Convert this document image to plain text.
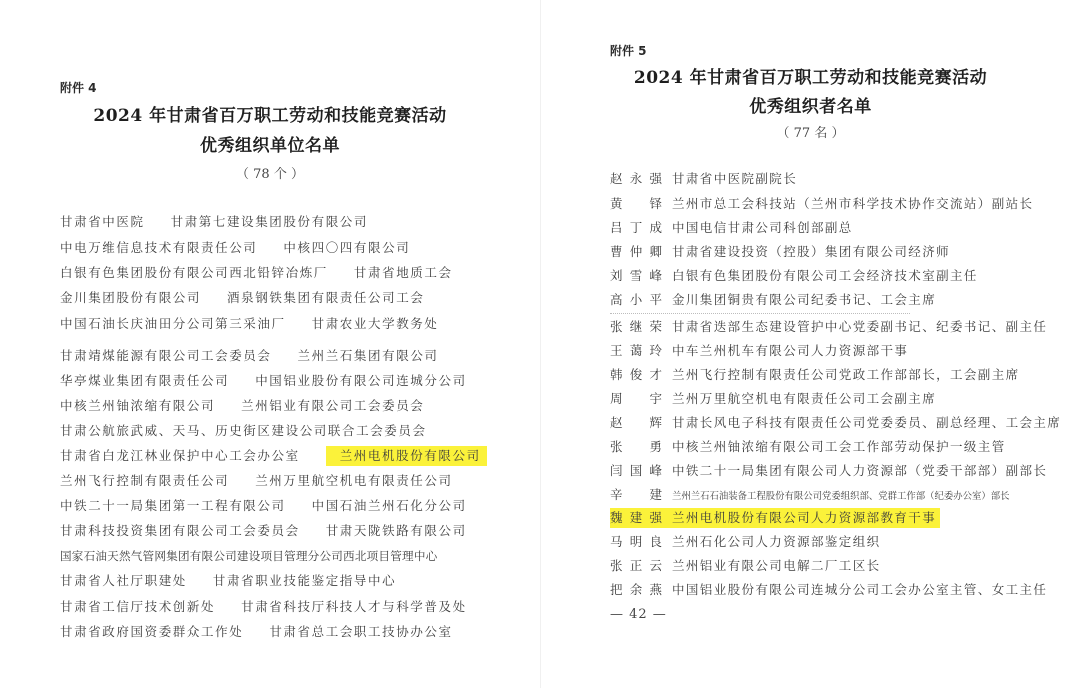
附件 4
2024 年甘肃省百万职工劳动和技能竞赛活动
优秀组织单位名单
（ 78 个 ）
甘肃省中医院 甘肃第七建设集团股份有限公司
中电万维信息技术有限责任公司 中核四〇四有限公司
白银有色集团股份有限公司西北铅锌冶炼厂 甘肃省地质工会
金川集团股份有限公司 酒泉钢铁集团有限责任公司工会
中国石油长庆油田分公司第三采油厂 甘肃农业大学教务处
甘肃靖煤能源有限公司工会委员会 兰州兰石集团有限公司
华亭煤业集团有限责任公司 中国铝业股份有限公司连城分公司
中核兰州铀浓缩有限公司 兰州铝业有限公司工会委员会
甘肃公航旅武威、天马、历史街区建设公司联合工会委员会
甘肃省白龙江林业保护中心工会办公室	兰州电机股份有限公司
兰州飞行控制有限责任公司 兰州万里航空机电有限责任公司
中铁二十一局集团第一工程有限公司 中国石油兰州石化分公司
甘肃科技投资集团有限公司工会委员会 甘肃天陇铁路有限公司
国家石油天然气管网集团有限公司建设项目管理分公司西北项目管理中心
甘肃省人社厅职建处 甘肃省职业技能鉴定指导中心
甘肃省工信厅技术创新处 甘肃省科技厅科技人才与科学普及处
甘肃省政府国资委群众工作处 甘肃省总工会职工技协办公室
附件 5
2024 年甘肃省百万职工劳动和技能竞赛活动
优秀组织者名单
（ 77 名 ）
赵永强 甘肃省中医院副院长
黄铎 兰州市总工会科技站（兰州市科学技术协作交流站）副站长
吕丁成 中国电信甘肃公司科创部副总
曹仲卿 甘肃省建设投资（控股）集团有限公司经济师
刘雪峰 白银有色集团股份有限公司工会经济技术室副主任
高小平 金川集团铜贵有限公司纪委书记、工会主席
张继荣 甘肃省迭部生态建设管护中心党委副书记、纪委书记、副主任
王蔼玲 中车兰州机车有限公司人力资源部干事
韩俊才 兰州飞行控制有限责任公司党政工作部部长，工会副主席
周宇 兰州万里航空机电有限责任公司工会副主席
赵辉 甘肃长风电子科技有限责任公司党委委员、副总经理、工会主席
张勇 中核兰州铀浓缩有限公司工会工作部劳动保护一级主管
闫国峰 中铁二十一局集团有限公司人力资源部（党委干部部）副部长
辛建 兰州兰石石油装备工程股份有限公司党委组织部、党群工作部（纪委办公室）部长
魏建强 兰州电机股份有限公司人力资源部教育干事
马明良 兰州石化公司人力资源部鉴定组织
张正云 兰州铝业有限公司电解二厂工区长
把余燕 中国铝业股份有限公司连城分公司工会办公室主管、女工主任
— 42 —
